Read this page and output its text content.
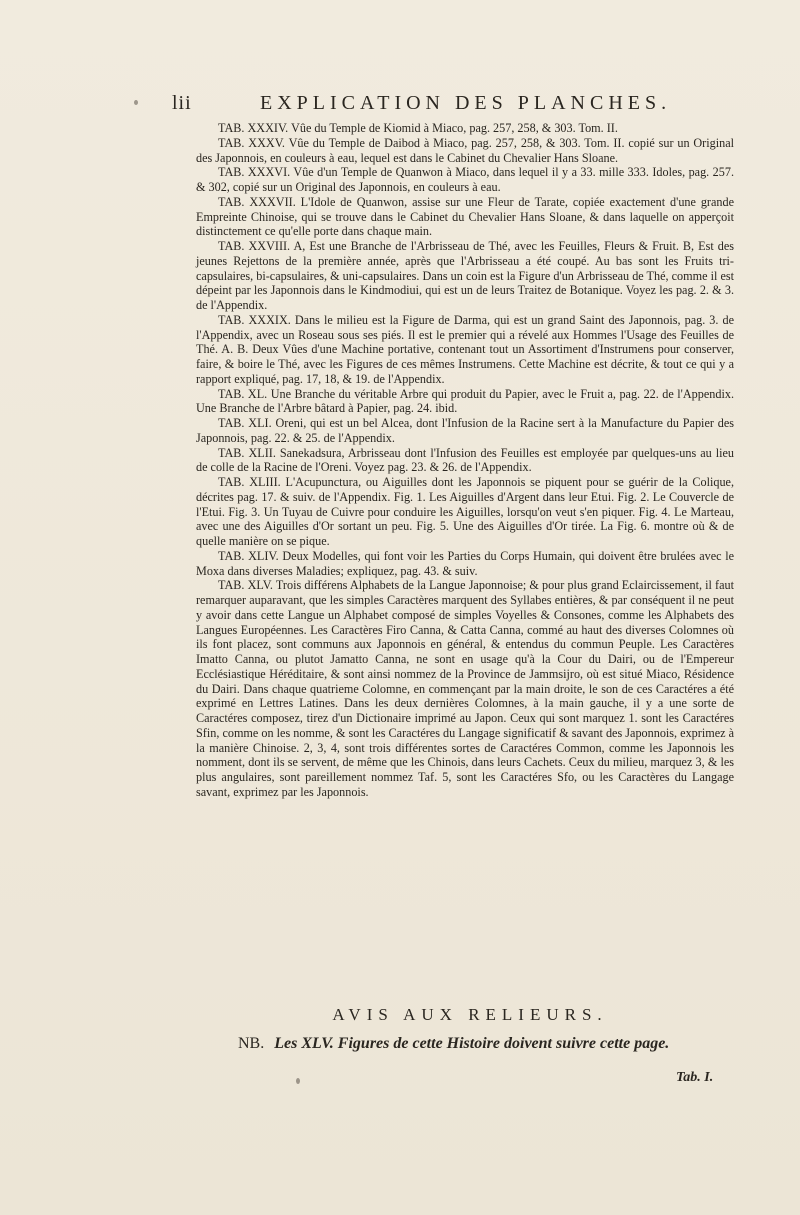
lii	EXPLICATION DES PLANCHES.

TAB. XXXIV. Vûe du Temple de Kiomid à Miaco, pag. 257, 258, & 303. Tom. II.

TAB. XXXV. Vûe du Temple de Daibod à Miaco, pag. 257, 258, & 303. Tom. II. copié sur un Original des Japonnois, en couleurs à eau, lequel est dans le Cabinet du Chevalier Hans Sloane.

TAB. XXXVI. Vûe d'un Temple de Quanwon à Miaco, dans lequel il y a 33. mille 333. Idoles, pag. 257. & 302, copié sur un Original des Japonnois, en couleurs à eau.

TAB. XXXVII. L'Idole de Quanwon, assise sur une Fleur de Tarate, copiée exactement d'une grande Empreinte Chinoise, qui se trouve dans le Cabinet du Chevalier Hans Sloane, & dans laquelle on apperçoit distinctement ce qu'elle porte dans chaque main.

TAB. XXVIII. A, Est une Branche de l'Arbrisseau de Thé, avec les Feuilles, Fleurs & Fruit. B, Est des jeunes Rejettons de la première année, après que l'Arbrisseau a été coupé. Au bas sont les Fruits tri-capsulaires, bi-capsulaires, & uni-capsulaires. Dans un coin est la Figure d'un Arbrisseau de Thé, comme il est dépeint par les Japonnois dans le Kindmodiui, qui est un de leurs Traitez de Botanique. Voyez les pag. 2. & 3. de l'Appendix.

TAB. XXXIX. Dans le milieu est la Figure de Darma, qui est un grand Saint des Japonnois, pag. 3. de l'Appendix, avec un Roseau sous ses piés. Il est le premier qui a révelé aux Hommes l'Usage des Feuilles de Thé. A. B. Deux Vûes d'une Machine portative, contenant tout un Assortiment d'Instrumens pour conserver, faire, & boire le Thé, avec les Figures de ces mêmes Instrumens. Cette Machine est décrite, & tout ce qui y a rapport expliqué, pag. 17, 18, & 19. de l'Appendix.

TAB. XL. Une Branche du véritable Arbre qui produit du Papier, avec le Fruit a, pag. 22. de l'Appendix. Une Branche de l'Arbre bâtard à Papier, pag. 24. ibid.

TAB. XLI. Oreni, qui est un bel Alcea, dont l'Infusion de la Racine sert à la Manufacture du Papier des Japonnois, pag. 22. & 25. de l'Appendix.

TAB. XLII. Sanekadsura, Arbrisseau dont l'Infusion des Feuilles est employée par quelques-uns au lieu de colle de la Racine de l'Oreni. Voyez pag. 23. & 26. de l'Appendix.

TAB. XLIII. L'Acupunctura, ou Aiguilles dont les Japonnois se piquent pour se guérir de la Colique, décrites pag. 17. & suiv. de l'Appendix. Fig. 1. Les Aiguilles d'Argent dans leur Etui. Fig. 2. Le Couvercle de l'Etui. Fig. 3. Un Tuyau de Cuivre pour conduire les Aiguilles, lorsqu'on veut s'en piquer. Fig. 4. Le Marteau, avec une des Aiguilles d'Or sortant un peu. Fig. 5. Une des Aiguilles d'Or tirée. La Fig. 6. montre où & de quelle manière on se pique.

TAB. XLIV. Deux Modelles, qui font voir les Parties du Corps Humain, qui doivent être brulées avec le Moxa dans diverses Maladies; expliquez, pag. 43. & suiv.

TAB. XLV. Trois différens Alphabets de la Langue Japonnoise; & pour plus grand Eclaircissement, il faut remarquer auparavant, que les simples Caractères marquent des Syllabes entières, & par conséquent il ne peut y avoir dans cette Langue un Alphabet composé de simples Voyelles & Consones, comme les Alphabets des Langues Européennes. Les Caractères Firo Canna, & Catta Canna, commé au haut des diverses Colomnes où ils font placez, sont communs aux Japonnois en général, & entendus du commun Peuple. Les Caractères Imatto Canna, ou plutot Jamatto Canna, ne sont en usage qu'à la Cour du Dairi, ou de l'Empereur Ecclésiastique Héréditaire, & sont ainsi nommez de la Province de Jammsijro, où est situé Miaco, Résidence du Dairi. Dans chaque quatrieme Colomne, en commençant par la main droite, le son de ces Caractéres a été exprimé en Lettres Latines. Dans les deux dernières Colomnes, à la main gauche, il y a une sorte de Caractéres composez, tirez d'un Dictionaire imprimé au Japon. Ceux qui sont marquez 1. sont les Caractéres Sfin, comme on les nomme, & sont les Caractéres du Langage significatif & savant des Japonnois, exprimez à la manière Chinoise. 2, 3, 4, sont trois différentes sortes de Caractéres Common, comme les Japonnois les nomment, dont ils se servent, de même que les Chinois, dans leurs Cachets. Ceux du milieu, marquez 3, & les plus angulaires, sont pareillement nommez Taf. 5, sont les Caractéres Sfo, ou les Caractères du Langage savant, exprimez par les Japonnois.

AVIS AUX RELIEURS.
NB. Les XLV. Figures de cette Histoire doivent suivre cette page.
Tab. I.
